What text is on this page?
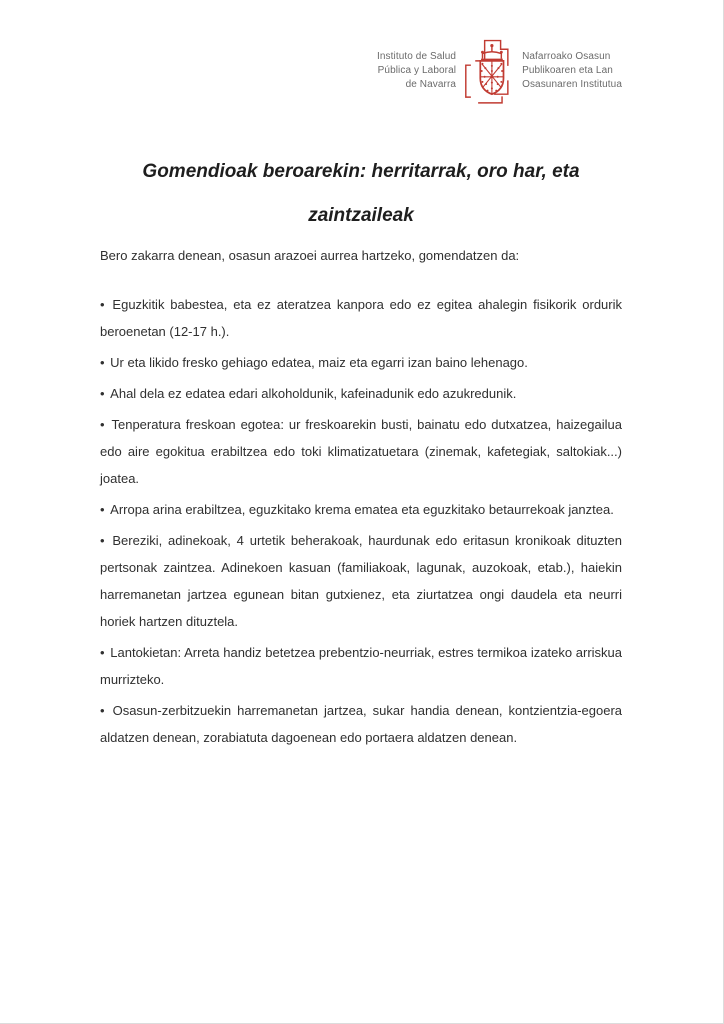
Instituto de Salud
Pública y Laboral
de Navarra
Nafarroako Osasun
Publikoaren eta Lan
Osasunaren Institutua
Gomendioak beroarekin: herritarrak, oro har, eta
zaintzaileak

Bero zakarra denean, osasun arazoei aurrea hartzeko, gomendatzen da:

• Eguzkitik babestea, eta ez ateratzea kanpora edo ez egitea ahalegin fisikorik ordurik beroenetan (12-17 h.).

• Ur eta likido fresko gehiago edatea, maiz eta egarri izan baino lehenago.

• Ahal dela ez edatea edari alkoholdunik, kafeinadunik edo azukredunik.

• Tenperatura freskoan egotea: ur freskoarekin busti, bainatu edo dutxatzea, haizegailua edo aire egokitua erabiltzea edo toki klimatizatuetara (zinemak, kafetegiak, saltokiak...) joatea.

• Arropa arina erabiltzea, eguzkitako krema ematea eta eguzkitako betaurrekoak janztea.

• Bereziki, adinekoak, 4 urtetik beherakoak, haurdunak edo eritasun kronikoak dituzten pertsonak zaintzea. Adinekoen kasuan (familiakoak, lagunak, auzokoak, etab.), haiekin harremanetan jartzea egunean bitan gutxienez, eta ziurtatzea ongi daudela eta neurri horiek hartzen dituztela.

• Lantokietan: Arreta handiz betetzea prebentzio-neurriak, estres termikoa izateko arriskua murrizteko.

• Osasun-zerbitzuekin harremanetan jartzea, sukar handia denean, kontzientzia-egoera aldatzen denean, zorabiatuta dagoenean edo portaera aldatzen denean.
